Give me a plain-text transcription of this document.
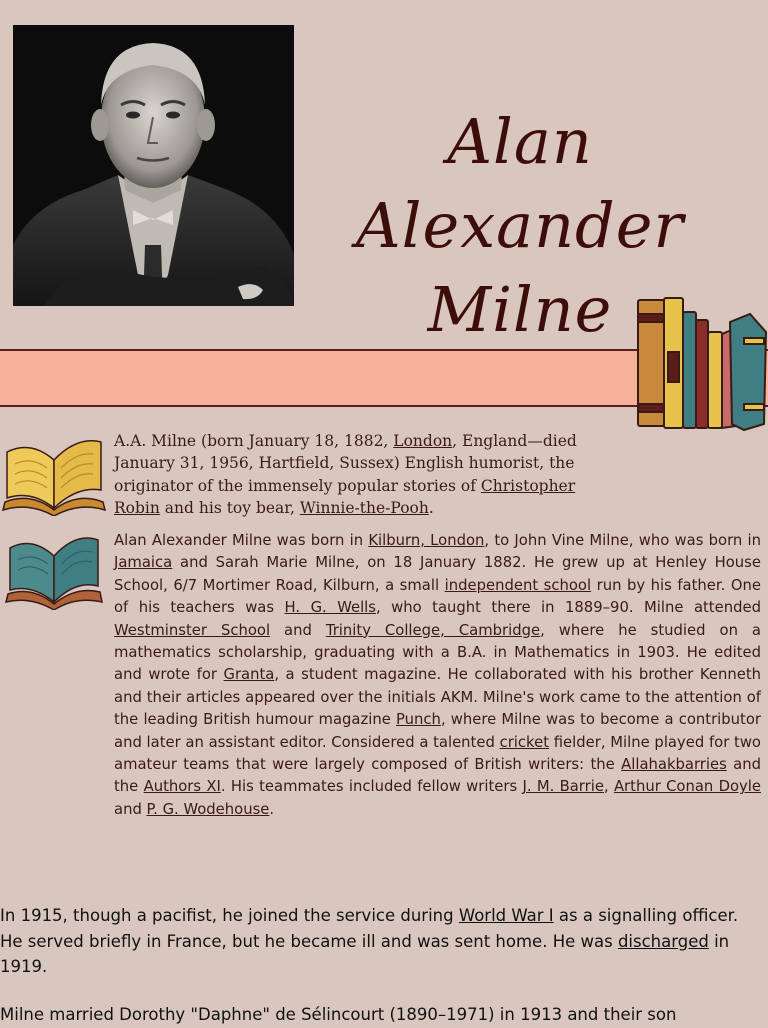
Alan Alexander Milne
A.A. Milne (born January 18, 1882, London, England—died January 31, 1956, Hartfield, Sussex) English humorist, the originator of the immensely popular stories of Christopher Robin and his toy bear, Winnie-the-Pooh.
Alan Alexander Milne was born in Kilburn, London, to John Vine Milne, who was born in Jamaica and Sarah Marie Milne, on 18 January 1882. He grew up at Henley House School, 6/7 Mortimer Road, Kilburn, a small independent school run by his father. One of his teachers was H. G. Wells, who taught there in 1889–90. Milne attended Westminster School and Trinity College, Cambridge, where he studied on a mathematics scholarship, graduating with a B.A. in Mathematics in 1903. He edited and wrote for Granta, a student magazine. He collaborated with his brother Kenneth and their articles appeared over the initials AKM. Milne's work came to the attention of the leading British humour magazine Punch, where Milne was to become a contributor and later an assistant editor. Considered a talented cricket fielder, Milne played for two amateur teams that were largely composed of British writers: the Allahakbarries and the Authors XI. His teammates included fellow writers J. M. Barrie, Arthur Conan Doyle and P. G. Wodehouse.
In 1915, though a pacifist, he joined the service during World War I as a signalling officer. He served briefly in France, but he became ill and was sent home. He was discharged in 1919.
Milne married Dorothy "Daphne" de Sélincourt (1890–1971) in 1913 and their son
